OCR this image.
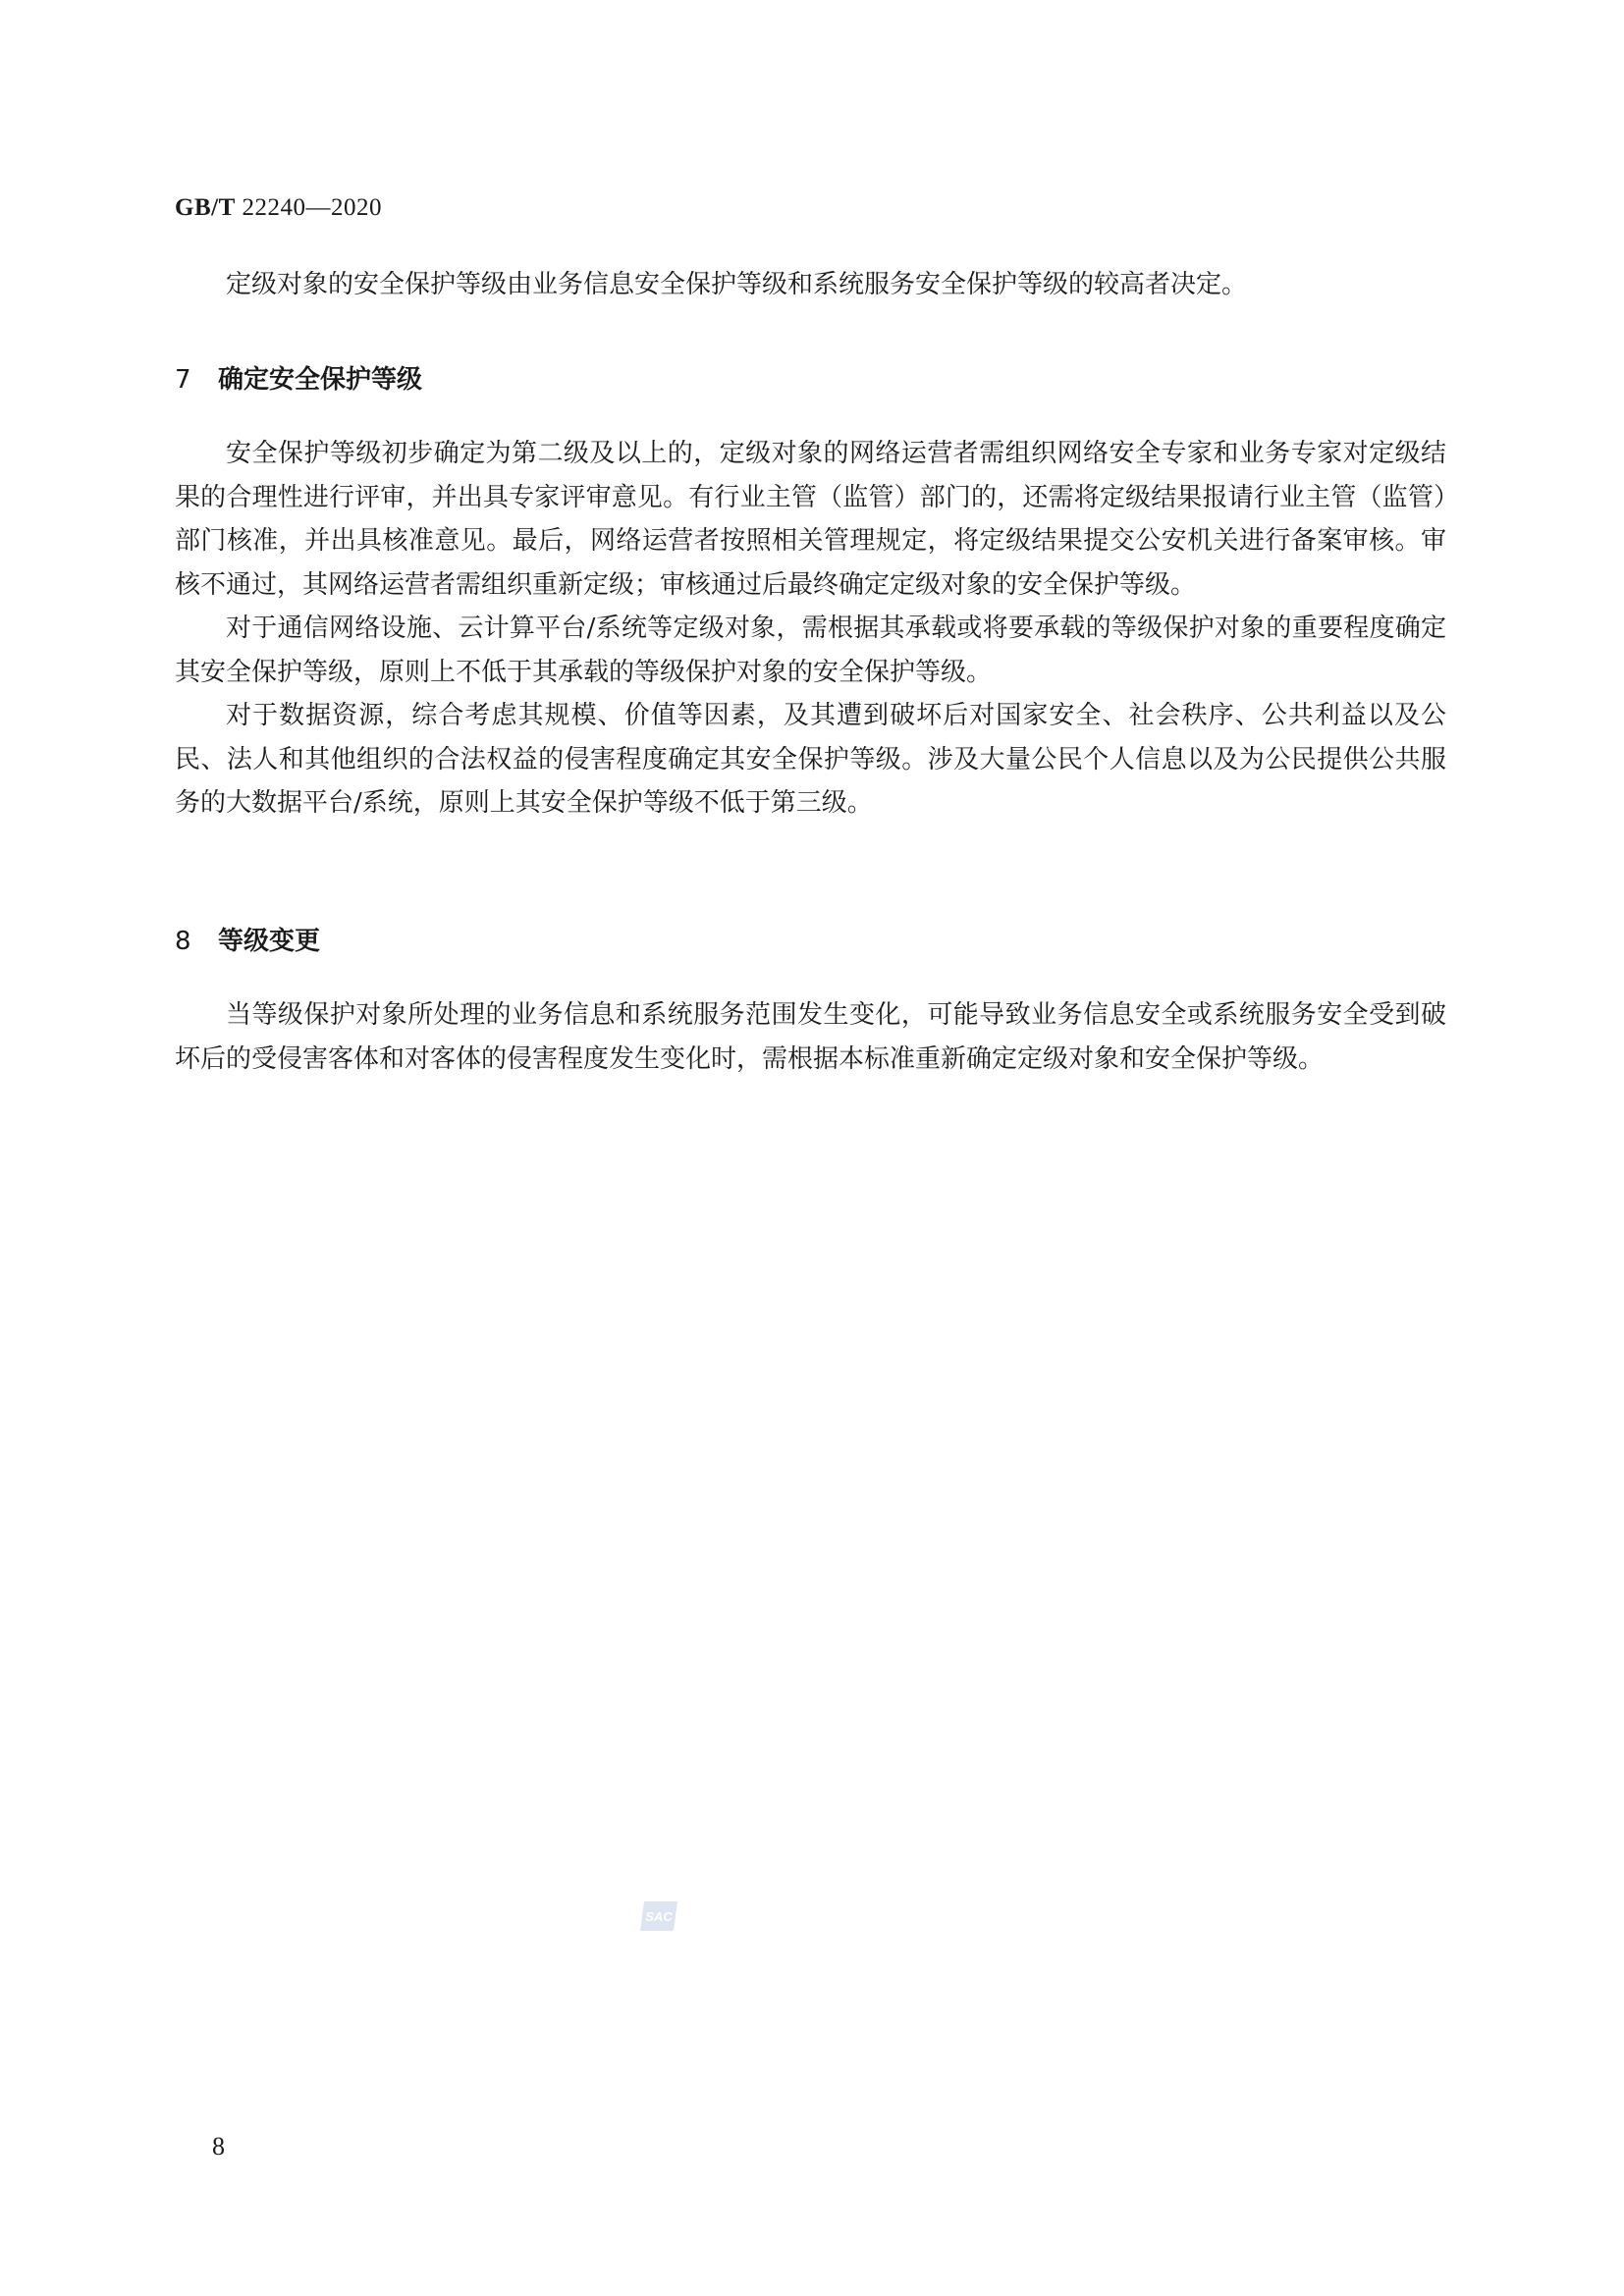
GB/T 22240—2020

定级对象的安全保护等级由业务信息安全保护等级和系统服务安全保护等级的较高者决定。

7 确定安全保护等级

安全保护等级初步确定为第二级及以上的，定级对象的网络运营者需组织网络安全专家和业务专家对定级结果的合理性进行评审，并出具专家评审意见。有行业主管（监管）部门的，还需将定级结果报请行业主管（监管）部门核准，并出具核准意见。最后，网络运营者按照相关管理规定，将定级结果提交公安机关进行备案审核。审核不通过，其网络运营者需组织重新定级；审核通过后最终确定定级对象的安全保护等级。

对于通信网络设施、云计算平台/系统等定级对象，需根据其承载或将要承载的等级保护对象的重要程度确定其安全保护等级，原则上不低于其承载的等级保护对象的安全保护等级。

对于数据资源，综合考虑其规模、价值等因素，及其遭到破坏后对国家安全、社会秩序、公共利益以及公民、法人和其他组织的合法权益的侵害程度确定其安全保护等级。涉及大量公民个人信息以及为公民提供公共服务的大数据平台/系统，原则上其安全保护等级不低于第三级。

8 等级变更

当等级保护对象所处理的业务信息和系统服务范围发生变化，可能导致业务信息安全或系统服务安全受到破坏后的受侵害客体和对客体的侵害程度发生变化时，需根据本标准重新确定定级对象和安全保护等级。

SAC
8
